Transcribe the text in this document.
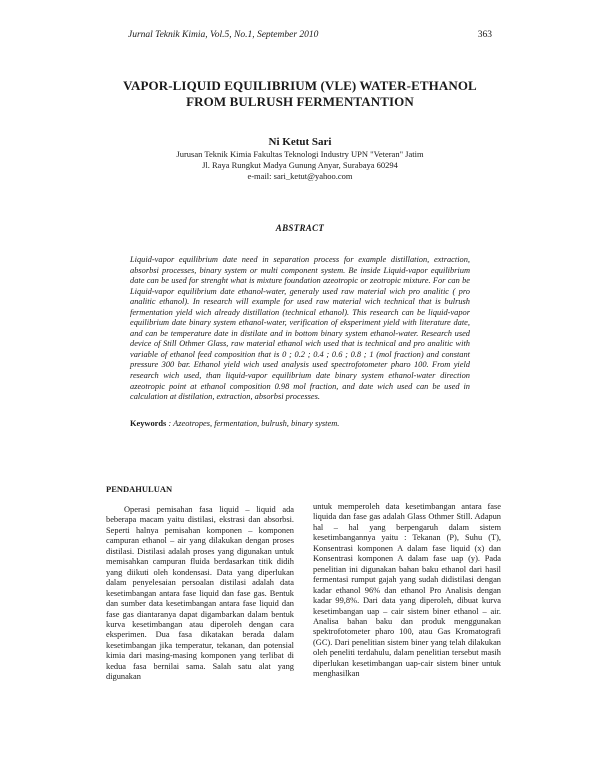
Jurnal Teknik Kimia, Vol.5, No.1, September 2010	363
VAPOR-LIQUID EQUILIBRIUM (VLE) WATER-ETHANOL
FROM BULRUSH FERMENTANTION
Ni Ketut Sari
Jurusan Teknik Kimia Fakultas Teknologi Industry UPN "Veteran" Jatim
Jl. Raya Rungkut Madya Gunung Anyar, Surabaya 60294
e-mail: sari_ketut@yahoo.com
ABSTRACT

Liquid-vapor equilibrium date need in separation process for example distillation, extraction, absorbsi processes, binary system or multi component system. Be inside Liquid-vapor equilibrium date can be used for strenght what is mixture foundation azeotropic or zeotropic mixture. For can be Liquid-vapor equilibrium date ethanol-water, generaly used raw material wich pro analitic ( pro analitic ethanol). In research will example for used raw material wich technical that is bulrush fermentation yield wich already distillation (technical ethanol). This research can be liquid-vapor equilibrium date binary system ethanol-water, verification of eksperiment yield with literature date, and can be temperature date in distilate and in bottom binary system ethanol-water. Research used device of Still Othmer Glass, raw material ethanol wich used that is technical and pro analitic with variable of ethanol feed composition that is 0 ; 0.2 ; 0.4 ; 0.6 ; 0.8 ; 1 (mol fraction) and constant pressure 300 bar. Ethanol yield wich used analysis used spectrofotometer pharo 100. From yield research wich used, than liquid-vapor equilibrium date binary system ethanol-water direction azeotropic point at ethanol composition 0.98 mol fraction, and date wich used can be used in calculation at distilation, extraction, absorbsi processes.

Keywords : Azeotropes, fermentation, bulrush, binary system.
PENDAHULUAN

Operasi pemisahan fasa liquid – liquid ada beberapa macam yaitu distilasi, ekstrasi dan absorbsi. Seperti halnya pemisahan komponen – komponen campuran ethanol – air yang dilakukan dengan proses distilasi. Distilasi adalah proses yang digunakan untuk memisahkan campuran fluida berdasarkan titik didih yang diikuti oleh kondensasi. Data yang diperlukan dalam penyelesaian persoalan distilasi adalah data kesetimbangan antara fase liquid dan fase gas. Bentuk dan sumber data kesetimbangan antara fase liquid dan fase gas diantaranya dapat digambarkan dalam bentuk kurva kesetimbangan atau diperoleh dengan cara eksperimen. Dua fasa dikatakan berada dalam kesetimbangan jika temperatur, tekanan, dan potensial kimia dari masing-masing komponen yang terlibat di kedua fasa bernilai sama. Salah satu alat yang digunakan

untuk memperoleh data kesetimbangan antara fase liquida dan fase gas adalah Glass Othmer Still. Adapun hal – hal yang berpengaruh dalam sistem kesetimbangannya yaitu : Tekanan (P), Suhu (T), Konsentrasi komponen A dalam fase liquid (x) dan Konsentrasi komponen A dalam fase uap (y). Pada penelitian ini digunakan bahan baku ethanol dari hasil fermentasi rumput gajah yang sudah didistilasi dengan kadar ethanol 96% dan ethanol Pro Analisis dengan kadar 99,8%. Dari data yang diperoleh, dibuat kurva kesetimbangan uap – cair sistem biner ethanol – air. Analisa bahan baku dan produk menggunakan spektrofotometer pharo 100, atau Gas Kromatografi (GC). Dari penelitian sistem biner yang telah dilakukan oleh peneliti terdahulu, dalam penelitian tersebut masih diperlukan kesetimbangan uap-cair sistem biner untuk menghasilkan
